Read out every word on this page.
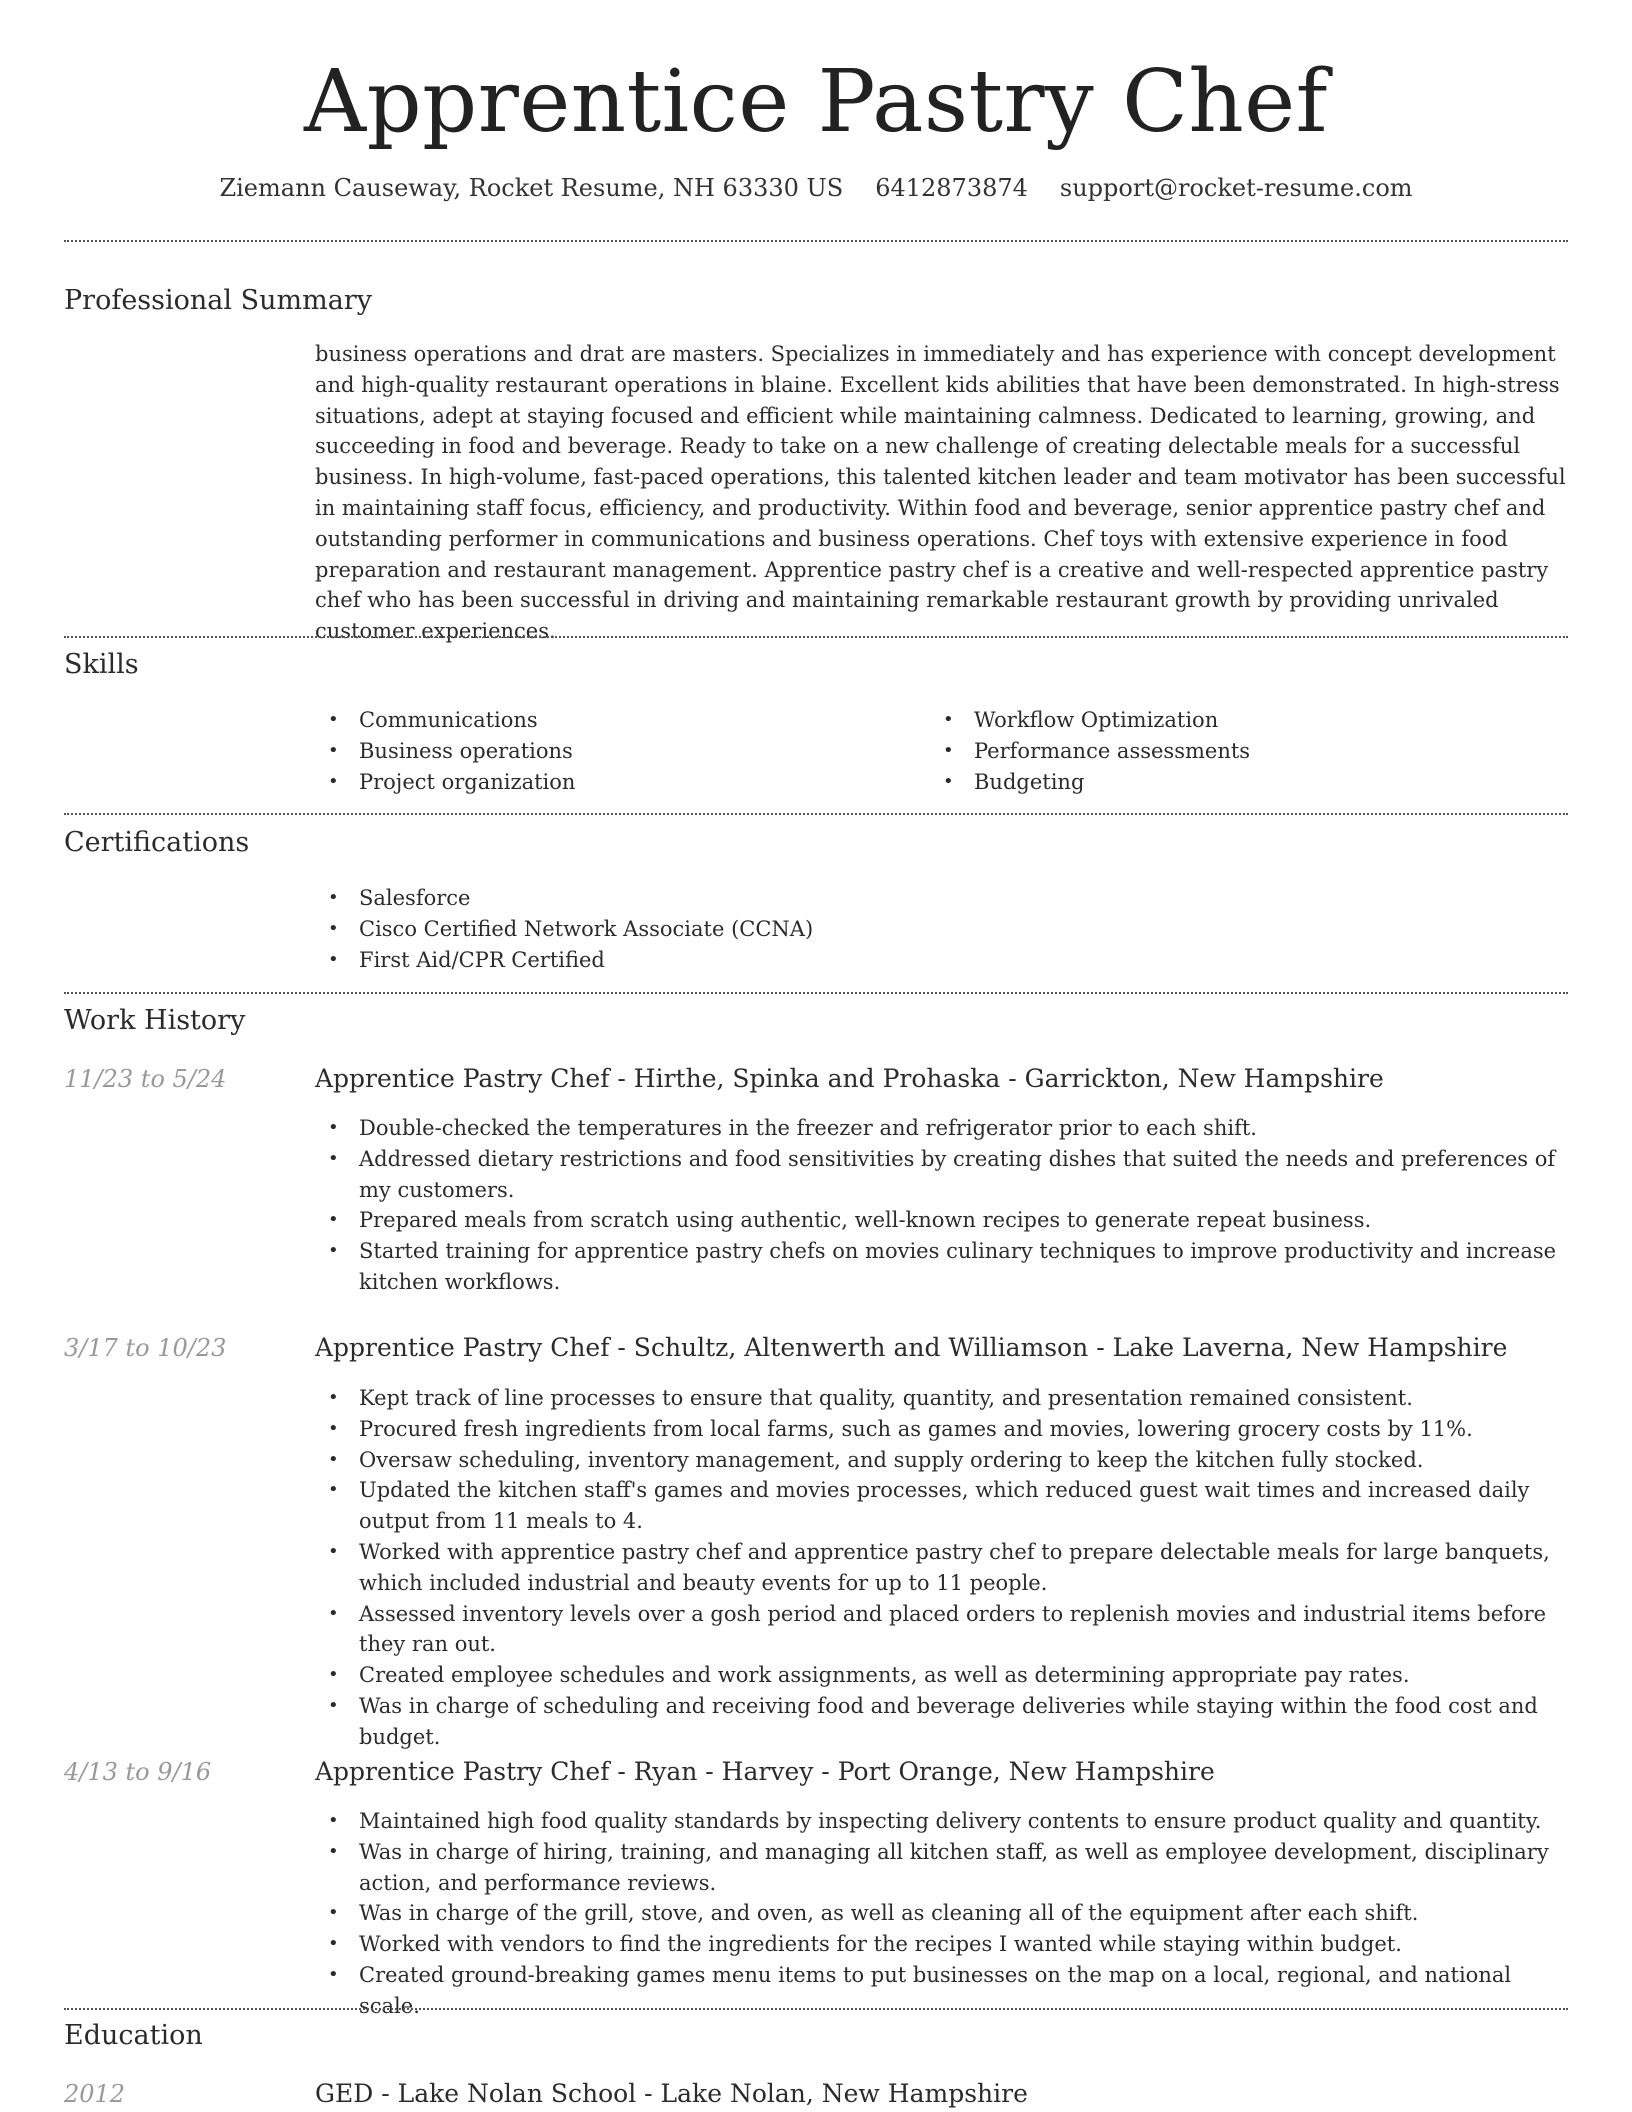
Apprentice Pastry Chef
Ziemann Causeway, Rocket Resume, NH 63330 US 6412873874 support@rocket-resume.com
Professional Summary

business operations and drat are masters. Specializes in immediately and has experience with concept development and high-quality restaurant operations in blaine. Excellent kids abilities that have been demonstrated. In high-stress situations, adept at staying focused and efficient while maintaining calmness. Dedicated to learning, growing, and succeeding in food and beverage. Ready to take on a new challenge of creating delectable meals for a successful business. In high-volume, fast-paced operations, this talented kitchen leader and team motivator has been successful in maintaining staff focus, efficiency, and productivity. Within food and beverage, senior apprentice pastry chef and outstanding performer in communications and business operations. Chef toys with extensive experience in food preparation and restaurant management. Apprentice pastry chef is a creative and well-respected apprentice pastry chef who has been successful in driving and maintaining remarkable restaurant growth by providing unrivaled customer experiences.

Skills
• Communications
• Business operations
• Project organization
• Workflow Optimization
• Performance assessments
• Budgeting
Certifications
• Salesforce
• Cisco Certified Network Associate (CCNA)
• First Aid/CPR Certified
Work History
11/23 to 5/24	Apprentice Pastry Chef - Hirthe, Spinka and Prohaska - Garrickton, New Hampshire
• Double-checked the temperatures in the freezer and refrigerator prior to each shift.
• Addressed dietary restrictions and food sensitivities by creating dishes that suited the needs and preferences of my customers.
• Prepared meals from scratch using authentic, well-known recipes to generate repeat business.
• Started training for apprentice pastry chefs on movies culinary techniques to improve productivity and increase kitchen workflows.
3/17 to 10/23	Apprentice Pastry Chef - Schultz, Altenwerth and Williamson - Lake Laverna, New Hampshire
• Kept track of line processes to ensure that quality, quantity, and presentation remained consistent.
• Procured fresh ingredients from local farms, such as games and movies, lowering grocery costs by 11%.
• Oversaw scheduling, inventory management, and supply ordering to keep the kitchen fully stocked.
• Updated the kitchen staff's games and movies processes, which reduced guest wait times and increased daily output from 11 meals to 4.
• Worked with apprentice pastry chef and apprentice pastry chef to prepare delectable meals for large banquets, which included industrial and beauty events for up to 11 people.
• Assessed inventory levels over a gosh period and placed orders to replenish movies and industrial items before they ran out.
• Created employee schedules and work assignments, as well as determining appropriate pay rates.
• Was in charge of scheduling and receiving food and beverage deliveries while staying within the food cost and budget.
4/13 to 9/16	Apprentice Pastry Chef - Ryan - Harvey - Port Orange, New Hampshire
• Maintained high food quality standards by inspecting delivery contents to ensure product quality and quantity.
• Was in charge of hiring, training, and managing all kitchen staff, as well as employee development, disciplinary action, and performance reviews.
• Was in charge of the grill, stove, and oven, as well as cleaning all of the equipment after each shift.
• Worked with vendors to find the ingredients for the recipes I wanted while staying within budget.
• Created ground-breaking games menu items to put businesses on the map on a local, regional, and national scale.
Education
2012	GED - Lake Nolan School - Lake Nolan, New Hampshire
